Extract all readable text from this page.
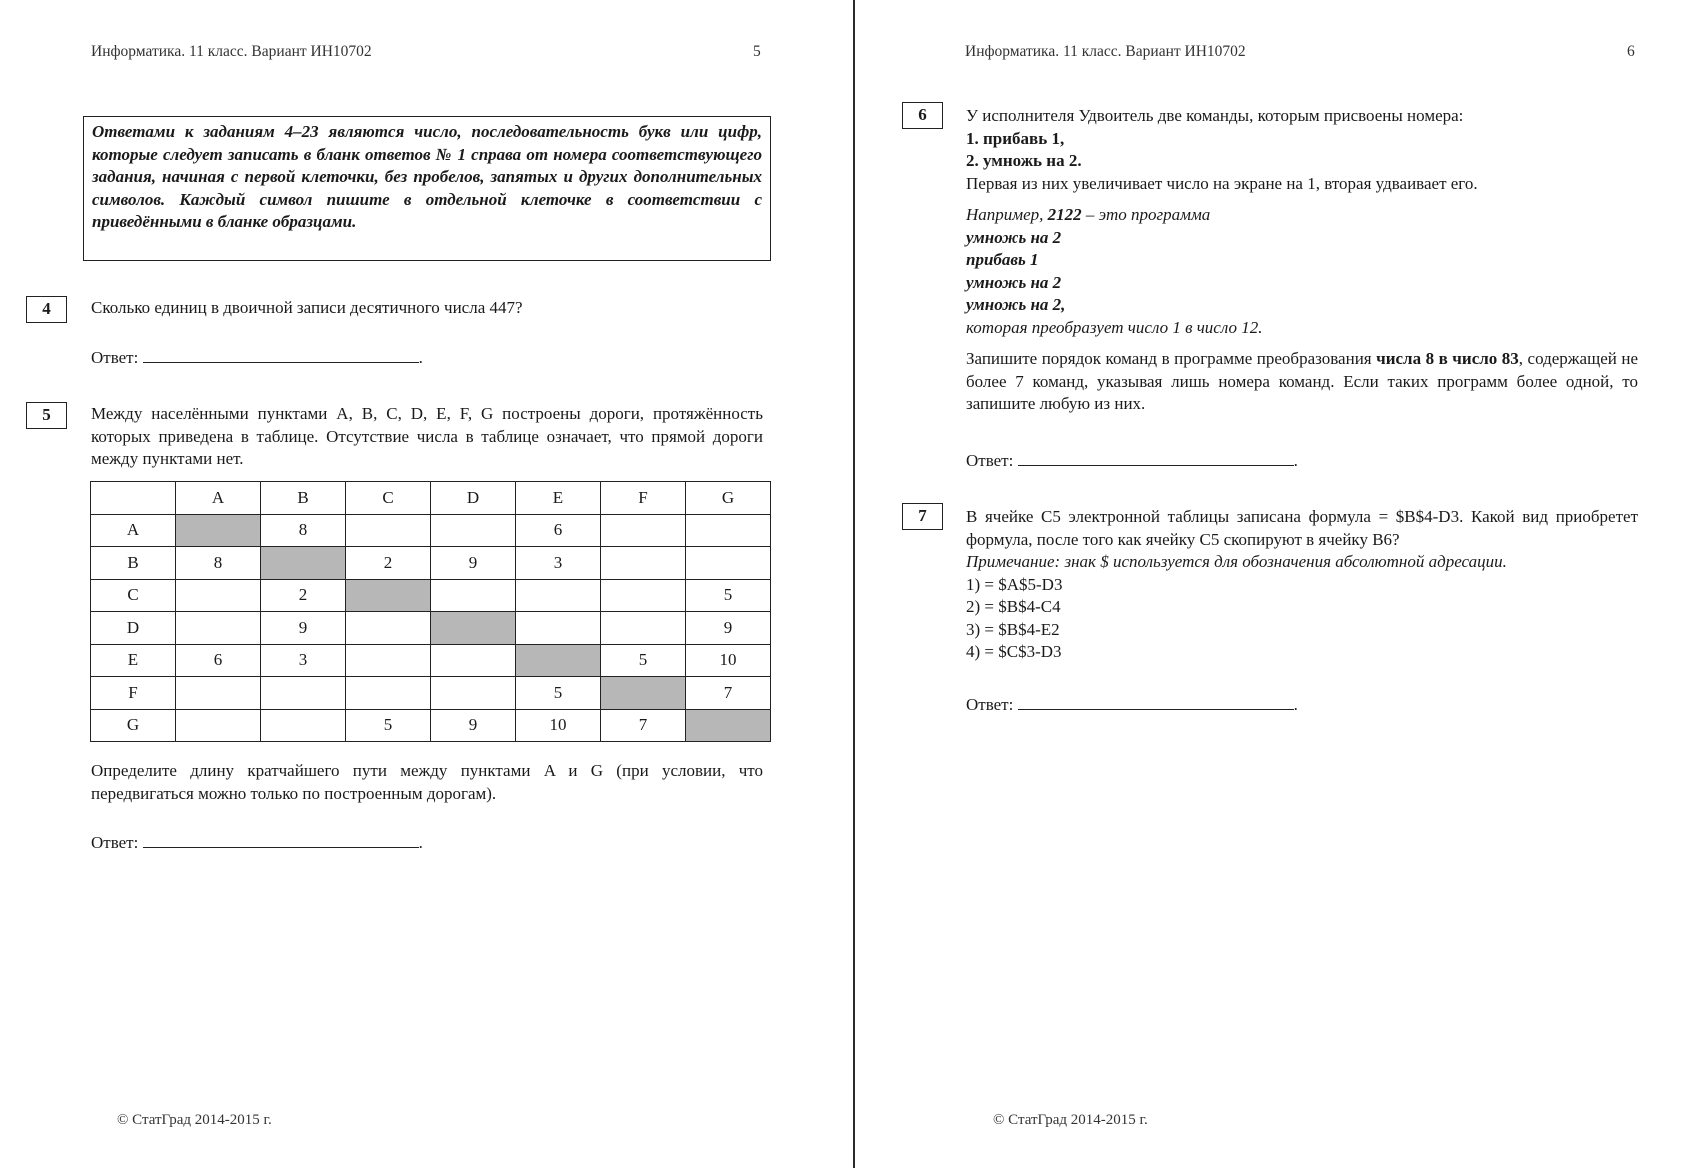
Информатика. 11 класс. Вариант ИН10702	5
Ответами к заданиям 4–23 являются число, последовательность букв или цифр, которые следует записать в бланк ответов № 1 справа от номера соответствующего задания, начиная с первой клеточки, без пробелов, запятых и других дополнительных символов. Каждый символ пишите в отдельной клеточке в соответствии с приведёнными в бланке образцами.
4	Сколько единиц в двоичной записи десятичного числа 447?
Ответ:	.
5	Между населёнными пунктами A, B, C, D, E, F, G построены дороги, протяжённость которых приведена в таблице. Отсутствие числа в таблице означает, что прямой дороги между пунктами нет.
	A	B	C	D	E	F	G
A		8			6		
B	8		2	9	3		
C		2					5
D		9					9
E	6	3				5	10
F					5		7
G			5	9	10	7	
Определите длину кратчайшего пути между пунктами A и G (при условии, что передвигаться можно только по построенным дорогам).
Ответ:	.
© СтатГрад 2014-2015 г.
Информатика. 11 класс. Вариант ИН10702	6
6	У исполнителя Удвоитель две команды, которым присвоены номера:
1. прибавь 1,
2. умножь на 2.
Первая из них увеличивает число на экране на 1, вторая удваивает его.
Например, 2122 – это программа
умножь на 2
прибавь 1
умножь на 2
умножь на 2,
которая преобразует число 1 в число 12.
Запишите порядок команд в программе преобразования числа 8 в число 83, содержащей не более 7 команд, указывая лишь номера команд. Если таких программ более одной, то запишите любую из них.
Ответ:	.
7	В ячейке C5 электронной таблицы записана формула = $B$4-D3. Какой вид приобретет формула, после того как ячейку C5 скопируют в ячейку B6?
Примечание: знак $ используется для обозначения абсолютной адресации.
1) = $A$5-D3
2) = $B$4-C4
3) = $B$4-E2
4) = $C$3-D3
Ответ:	.
© СтатГрад 2014-2015 г.
